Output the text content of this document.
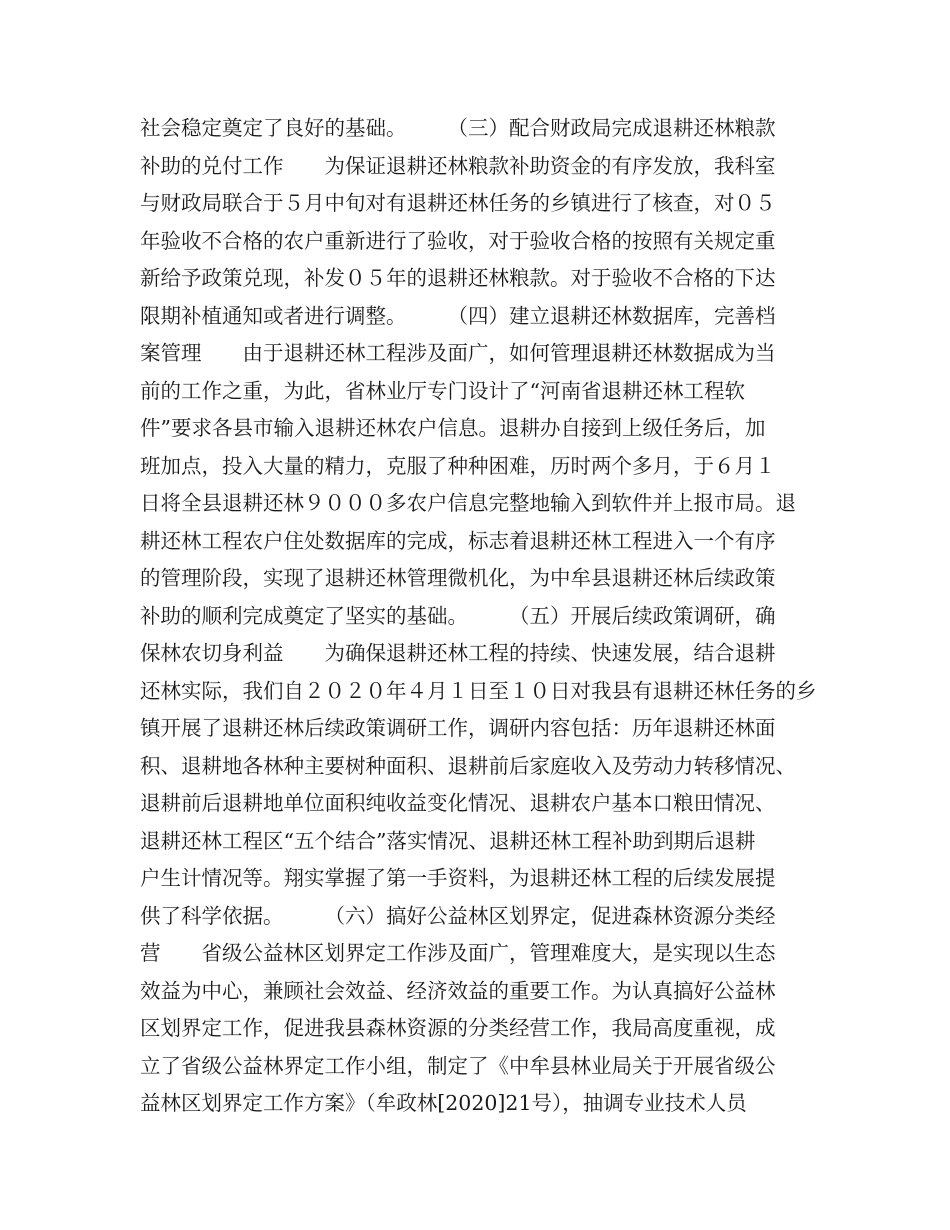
社会稳定奠定了良好的基础。　　　（三）配合财政局完成退耕还林粮款
补助的兑付工作　　为保证退耕还林粮款补助资金的有序发放，我科室
与财政局联合于５月中旬对有退耕还林任务的乡镇进行了核查，对０５
年验收不合格的农户重新进行了验收，对于验收合格的按照有关规定重
新给予政策兑现，补发０５年的退耕还林粮款。对于验收不合格的下达
限期补植通知或者进行调整。　　　（四）建立退耕还林数据库，完善档
案管理　　由于退耕还林工程涉及面广，如何管理退耕还林数据成为当
前的工作之重，为此，省林业厅专门设计了“河南省退耕还林工程软
件”要求各县市输入退耕还林农户信息。退耕办自接到上级任务后，加
班加点，投入大量的精力，克服了种种困难，历时两个多月，于６月１
日将全县退耕还林９０００多农户信息完整地输入到软件并上报市局。退
耕还林工程农户住处数据库的完成，标志着退耕还林工程进入一个有序
的管理阶段，实现了退耕还林管理微机化，为中牟县退耕还林后续政策
补助的顺利完成奠定了坚实的基础。　　　（五）开展后续政策调研，确
保林农切身利益　　为确保退耕还林工程的持续、快速发展，结合退耕
还林实际，我们自２０２０年４月１日至１０日对我县有退耕还林任务的乡
镇开展了退耕还林后续政策调研工作，调研内容包括：历年退耕还林面
积、退耕地各林种主要树种面积、退耕前后家庭收入及劳动力转移情况、
退耕前后退耕地单位面积纯收益变化情况、退耕农户基本口粮田情况、
退耕还林工程区“五个结合”落实情况、退耕还林工程补助到期后退耕
户生计情况等。翔实掌握了第一手资料，为退耕还林工程的后续发展提
供了科学依据。　　　（六）搞好公益林区划界定，促进森林资源分类经
营　　省级公益林区划界定工作涉及面广，管理难度大，是实现以生态
效益为中心，兼顾社会效益、经济效益的重要工作。为认真搞好公益林
区划界定工作，促进我县森林资源的分类经营工作，我局高度重视，成
立了省级公益林界定工作小组，制定了《中牟县林业局关于开展省级公
益林区划界定工作方案》（牟政林[2020]21号），抽调专业技术人员
